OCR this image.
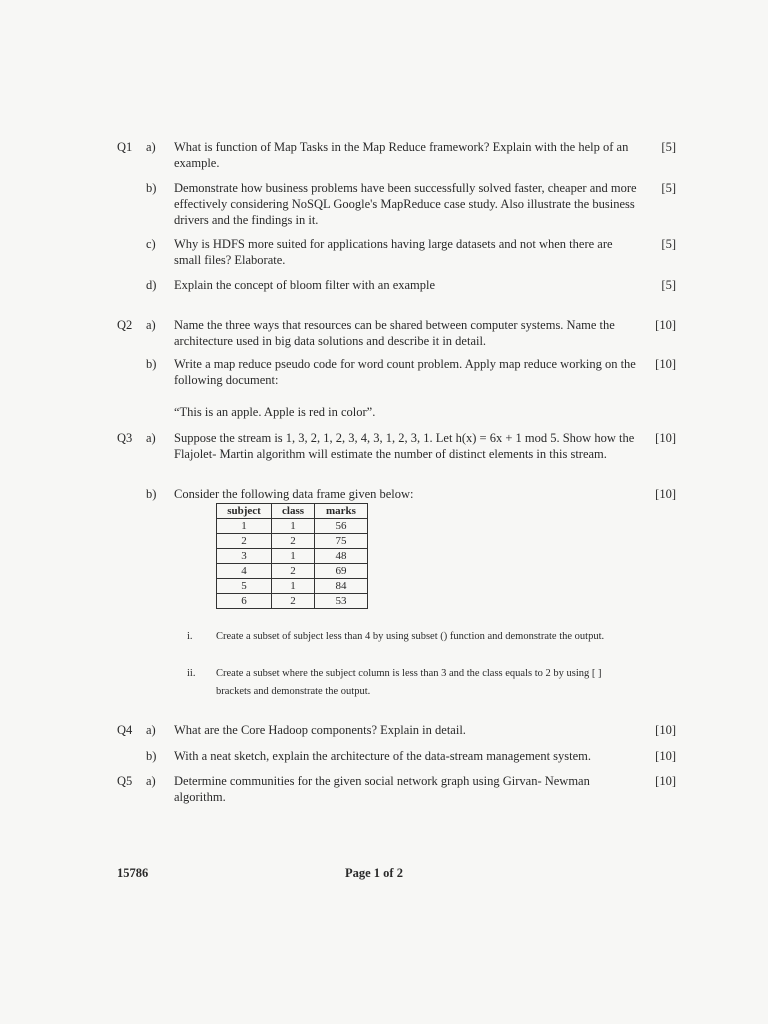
Q1 a) What is function of Map Tasks in the Map Reduce framework? Explain with the help of an example.
[5]
b) Demonstrate how business problems have been successfully solved faster, cheaper and more effectively considering NoSQL Google's MapReduce case study. Also illustrate the business drivers and the findings in it.
[5]
c) Why is HDFS more suited for applications having large datasets and not when there are small files? Elaborate.
[5]
d) Explain the concept of bloom filter with an example	[5]
Q2 a) Name the three ways that resources can be shared between computer systems. Name the architecture used in big data solutions and describe it in detail.
[10]
b) Write a map reduce pseudo code for word count problem. Apply map reduce working on the following document:
[10]
“This is an apple. Apple is red in color”.
Q3 a) Suppose the stream is 1, 3, 2, 1, 2, 3, 4, 3, 1, 2, 3, 1. Let h(x) = 6x + 1 mod 5. Show how the Flajolet- Martin algorithm will estimate the number of distinct elements in this stream.
[10]
b) Consider the following data frame given below:	[10]
subject	class	marks
1	1	56
2	2	75
3	1	48
4	2	69
5	1	84
6	2	53
i. Create a subset of subject less than 4 by using subset () function and demonstrate the output.
ii. Create a subset where the subject column is less than 3 and the class equals to 2 by using [ ] brackets and demonstrate the output.
Q4 a) What are the Core Hadoop components? Explain in detail.	[10]
b) With a neat sketch, explain the architecture of the data-stream management system.	[10]
Q5 a) Determine communities for the given social network graph using Girvan- Newman algorithm.
[10]
15786	Page 1 of 2
